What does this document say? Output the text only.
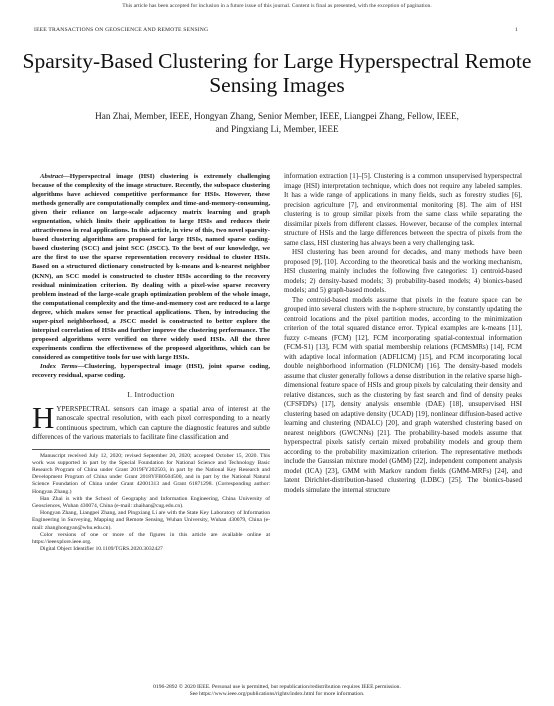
This article has been accepted for inclusion in a future issue of this journal. Content is final as presented, with the exception of pagination.
IEEE TRANSACTIONS ON GEOSCIENCE AND REMOTE SENSING	1
Sparsity-Based Clustering for Large Hyperspectral Remote Sensing Images
Han Zhai, Member, IEEE, Hongyan Zhang, Senior Member, IEEE, Liangpei Zhang, Fellow, IEEE,
and Pingxiang Li, Member, IEEE

Abstract—Hyperspectral image (HSI) clustering is extremely challenging because of the complexity of the image structure. Recently, the subspace clustering algorithms have achieved competitive performance for HSIs. However, these methods generally are computationally complex and time-and-memory-consuming, given their reliance on large-scale adjacency matrix learning and graph segmentation, which limits their application to large HSIs and reduces their attractiveness in real applications. In this article, in view of this, two novel sparsity-based clustering algorithms are proposed for large HSIs, named sparse coding-based clustering (SCC) and joint SCC (JSCC). To the best of our knowledge, we are the first to use the sparse representation recovery residual to cluster HSIs. Based on a structured dictionary constructed by k-means and k-nearest neighbor (KNN), an SCC model is constructed to cluster HSIs according to the recovery residual minimization criterion. By dealing with a pixel-wise sparse recovery problem instead of the large-scale graph optimization problem of the whole image, the computational complexity and the time-and-memory cost are reduced to a large degree, which makes sense for practical applications. Then, by introducing the super-pixel neighborhood, a JSCC model is constructed to better explore the interpixel correlation of HSIs and further improve the clustering performance. The proposed algorithms were verified on three widely used HSIs. All the three experiments confirm the effectiveness of the proposed algorithms, which can be considered as competitive tools for use with large HSIs.

Index Terms—Clustering, hyperspectral image (HSI), joint sparse coding, recovery residual, sparse coding.

I. Introduction

HYPERSPECTRAL sensors can image a spatial area of interest at the nanoscale spectral resolution, with each pixel corresponding to a nearly continuous spectrum, which can capture the diagnostic features and subtle differences of the various materials to facilitate fine classification and

Manuscript received July 12, 2020; revised September 20, 2020; accepted October 15, 2020. This work was supported in part by the Special Foundation for National Science and Technology Basic Research Program of China under Grant 2019FY202503, in part by the National Key Research and Development Program of China under Grant 2018YFB0504500, and in part by the National Natural Science Foundation of China under Grant 42001313 and Grant 61871298. (Corresponding author: Hongyan Zhang.)

Han Zhai is with the School of Geography and Information Engineering, China University of Geosciences, Wuhan 430074, China (e-mail: zhaihan@cug.edu.cn).

Hongyan Zhang, Liangpei Zhang, and Pingxiang Li are with the State Key Laboratory of Information Engineering in Surveying, Mapping and Remote Sensing, Wuhan University, Wuhan 430079, China (e-mail: zhanghongyan@whu.edu.cn).

Color versions of one or more of the figures in this article are available online at https://ieeexplore.ieee.org.

Digital Object Identifier 10.1109/TGRS.2020.3032427

information extraction [1]–[5]. Clustering is a common unsupervised hyperspectral image (HSI) interpretation technique, which does not require any labeled samples. It has a wide range of applications in many fields, such as forestry studies [6], precision agriculture [7], and environmental monitoring [8]. The aim of HSI clustering is to group similar pixels from the same class while separating the dissimilar pixels from different classes. However, because of the complex internal structure of HSIs and the large differences between the spectra of pixels from the same class, HSI clustering has always been a very challenging task.

HSI clustering has been around for decades, and many methods have been proposed [9], [10]. According to the theoretical basis and the working mechanism, HSI clustering mainly includes the following five categories: 1) centroid-based models; 2) density-based models; 3) probability-based models; 4) bionics-based models; and 5) graph-based models.

The centroid-based models assume that pixels in the feature space can be grouped into several clusters with the n-sphere structure, by constantly updating the centroid locations and the pixel partition modes, according to the minimization criterion of the total squared distance error. Typical examples are k-means [11], fuzzy c-means (FCM) [12], FCM incorporating spatial-contextual information (FCM-S1) [13], FCM with spatial membership relations (FCMSMRs) [14], FCM with adaptive local information (ADFLICM) [15], and FCM incorporating local double neighborhood information (FLDNICM) [16]. The density-based models assume that cluster generally follows a dense distribution in the relative sparse high-dimensional feature space of HSIs and group pixels by calculating their density and relative distances, such as the clustering by fast search and find of density peaks (CFSFDPs) [17], density analysis ensemble (DAE) [18], unsupervised HSI clustering based on adaptive density (UCAD) [19], nonlinear diffusion-based active learning and clustering (NDALC) [20], and graph watershed clustering based on nearest neighbors (GWCNNs) [21]. The probability-based models assume that hyperspectral pixels satisfy certain mixed probability models and group them according to the probability maximization criterion. The representative methods include the Gaussian mixture model (GMM) [22], independent component analysis model (ICA) [23], GMM with Markov random fields (GMM-MRFs) [24], and latent Dirichlet-distribution-based clustering (LDBC) [25]. The bionics-based models simulate the internal structure

0196-2892 © 2020 IEEE. Personal use is permitted, but republication/redistribution requires IEEE permission.
See https://www.ieee.org/publications/rights/index.html for more information.
